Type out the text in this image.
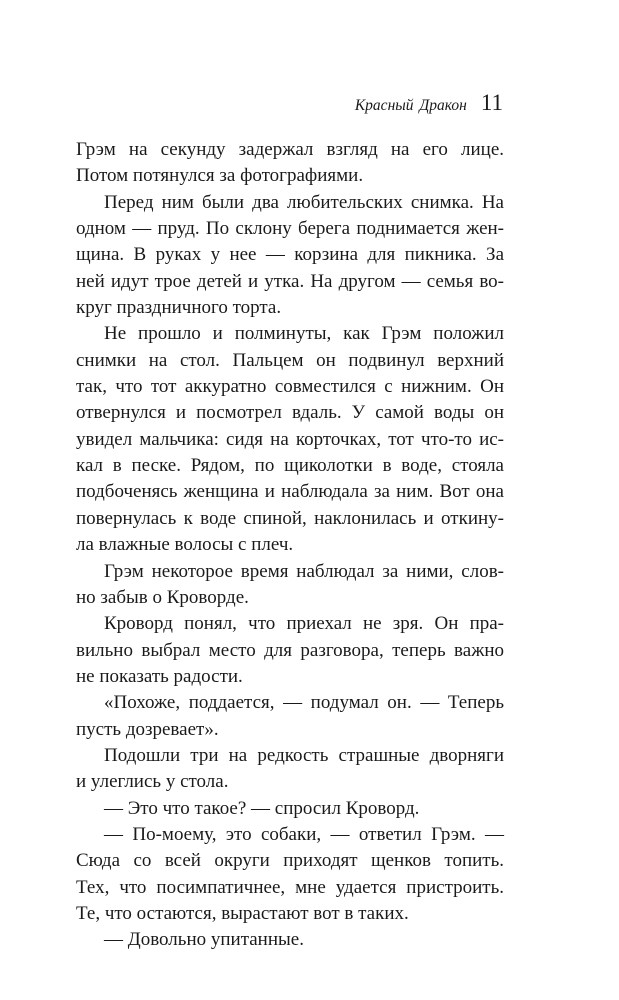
Красный Дракон 11
Грэм на секунду задержал взгляд на его лице.
Потом потянулся за фотографиями.
Перед ним были два любительских снимка. На
одном — пруд. По склону берега поднимается жен-
щина. В руках у нее — корзина для пикника. За
ней идут трое детей и утка. На другом — семья во-
круг праздничного торта.
Не прошло и полминуты, как Грэм положил
снимки на стол. Пальцем он подвинул верхний
так, что тот аккуратно совместился с нижним. Он
отвернулся и посмотрел вдаль. У самой воды он
увидел мальчика: сидя на корточках, тот что-то ис-
кал в песке. Рядом, по щиколотки в воде, стояла
подбоченясь женщина и наблюдала за ним. Вот она
повернулась к воде спиной, наклонилась и откину-
ла влажные волосы с плеч.
Грэм некоторое время наблюдал за ними, слов-
но забыв о Кроворде.
Кроворд понял, что приехал не зря. Он пра-
вильно выбрал место для разговора, теперь важно
не показать радости.
«Похоже, поддается, — подумал он. — Теперь
пусть дозревает».
Подошли три на редкость страшные дворняги
и улеглись у стола.
— Это что такое? — спросил Кроворд.
— По-моему, это собаки, — ответил Грэм. —
Сюда со всей округи приходят щенков топить.
Тех, что посимпатичнее, мне удается пристроить.
Те, что остаются, вырастают вот в таких.
— Довольно упитанные.
